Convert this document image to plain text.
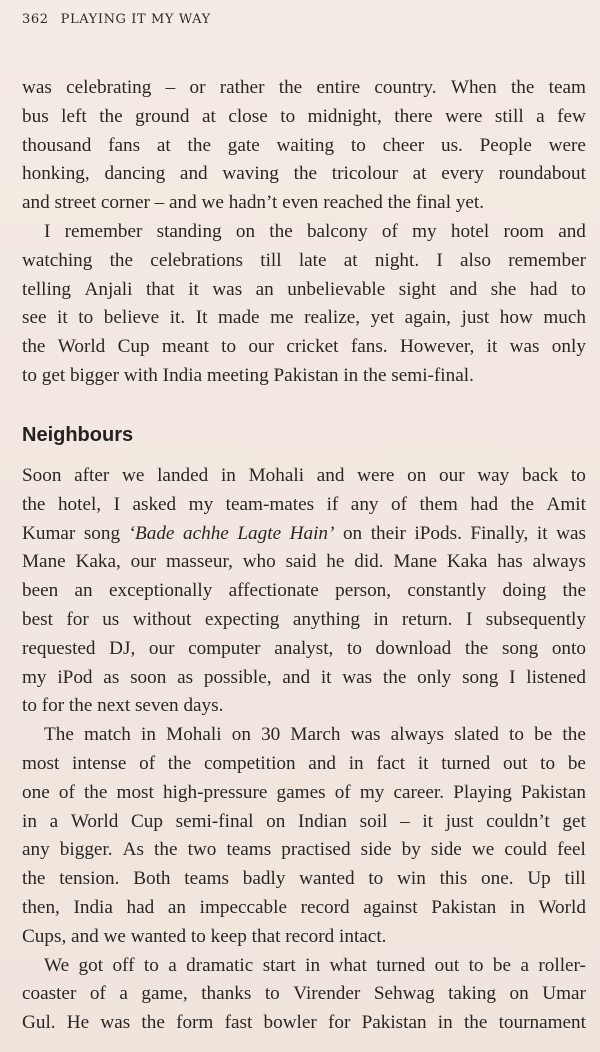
362 PLAYING IT MY WAY
was celebrating – or rather the entire country. When the team
bus left the ground at close to midnight, there were still a few
thousand fans at the gate waiting to cheer us. People were
honking, dancing and waving the tricolour at every roundabout
and street corner – and we hadn’t even reached the final yet.
I remember standing on the balcony of my hotel room and
watching the celebrations till late at night. I also remember
telling Anjali that it was an unbelievable sight and she had to
see it to believe it. It made me realize, yet again, just how much
the World Cup meant to our cricket fans. However, it was only
to get bigger with India meeting Pakistan in the semi-final.
Neighbours
Soon after we landed in Mohali and were on our way back to
the hotel, I asked my team-mates if any of them had the Amit
Kumar song ‘Bade achhe Lagte Hain’ on their iPods. Finally, it was
Mane Kaka, our masseur, who said he did. Mane Kaka has always
been an exceptionally affectionate person, constantly doing the
best for us without expecting anything in return. I subsequently
requested DJ, our computer analyst, to download the song onto
my iPod as soon as possible, and it was the only song I listened
to for the next seven days.
The match in Mohali on 30 March was always slated to be the
most intense of the competition and in fact it turned out to be
one of the most high-pressure games of my career. Playing Pakistan
in a World Cup semi-final on Indian soil – it just couldn’t get
any bigger. As the two teams practised side by side we could feel
the tension. Both teams badly wanted to win this one. Up till
then, India had an impeccable record against Pakistan in World
Cups, and we wanted to keep that record intact.
We got off to a dramatic start in what turned out to be a roller-
coaster of a game, thanks to Virender Sehwag taking on Umar
Gul. He was the form fast bowler for Pakistan in the tournament
